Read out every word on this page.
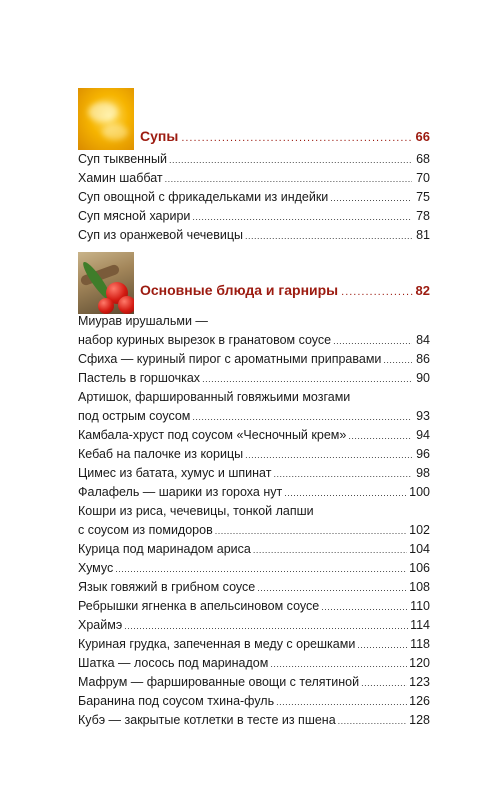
Супы .....	66
Суп тыквенный .....	68
Хамин шаббат .....	70
Суп овощной с фрикадельками из индейки .....	75
Суп мясной харири .....	78
Суп из оранжевой чечевицы .....	81
Основные блюда и гарниры .....	82
Миурав ирушальми —
набор куриных вырезок в гранатовом соусе .....	84
Сфиха — куриный пирог с ароматными приправами .....	86
Пастель в горшочках .....	90
Артишок, фаршированный говяжьими мозгами
под острым соусом .....	93
Камбала-хруст под соусом «Чесночный крем» .....	94
Кебаб на палочке из корицы .....	96
Цимес из батата, хумус и шпинат .....	98
Фалафель — шарики из гороха нут .....	100
Кошри из риса, чечевицы, тонкой лапши
с соусом из помидоров .....	102
Курица под маринадом ариса .....	104
Хумус .....	106
Язык говяжий в грибном соусе .....	108
Ребрышки ягненка в апельсиновом соусе .....	110
Храймэ .....	114
Куриная грудка, запеченная в меду с орешками .....	118
Шатка — лосось под маринадом .....	120
Мафрум — фаршированные овощи с телятиной .....	123
Баранина под соусом тхина-фуль .....	126
Кубэ — закрытые котлетки в тесте из пшена .....	128
